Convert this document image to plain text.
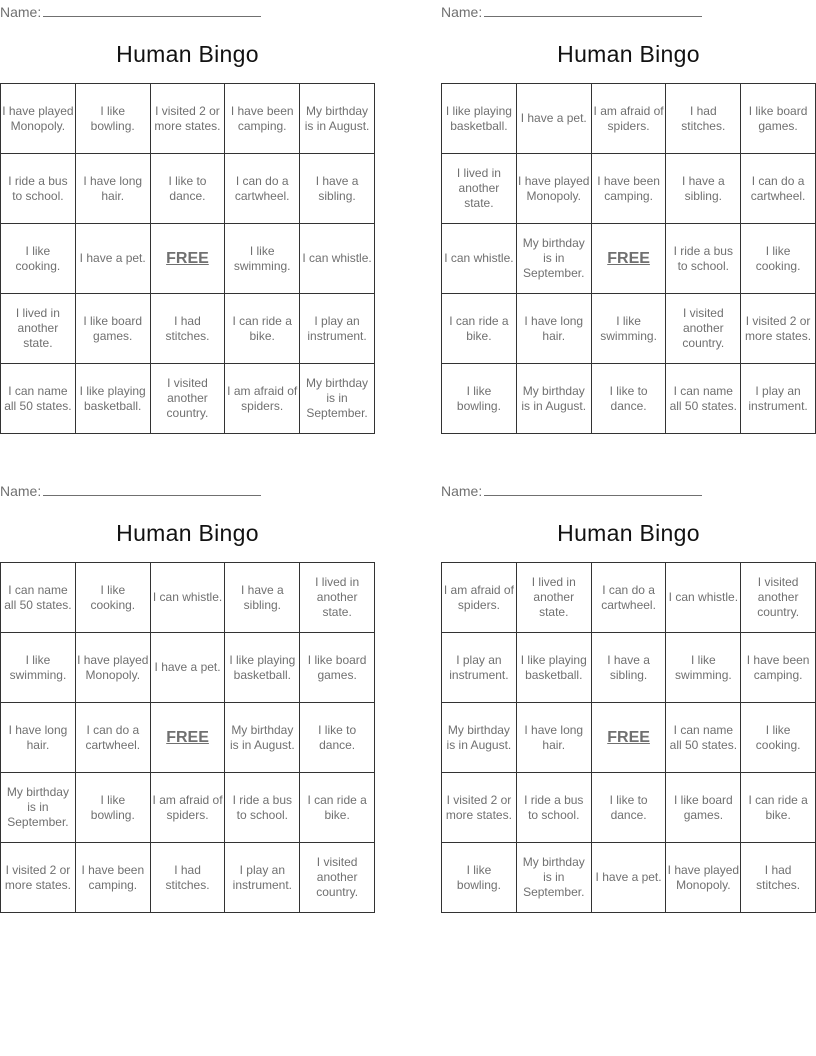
Name:
Human Bingo
I have played Monopoly.	I like bowling.	I visited 2 or more states.	I have been camping.	My birthday is in August.

I ride a bus to school.	I have long hair.	I like to dance.	I can do a cartwheel.	I have a sibling.

I like cooking.	I have a pet.	FREE	I like swimming.	I can whistle.

I lived in another state.	I like board games.	I had stitches.	I can ride a bike.	I play an instrument.

I can name all 50 states.	I like playing basketball.	I visited another country.	I am afraid of spiders.	My birthday is in September.
Name:
Human Bingo
I like playing basketball.	I have a pet.	I am afraid of spiders.	I had stitches.	I like board games.

I lived in another state.	I have played Monopoly.	I have been camping.	I have a sibling.	I can do a cartwheel.

I can whistle.	My birthday is in September.	FREE	I ride a bus to school.	I like cooking.

I can ride a bike.	I have long hair.	I like swimming.	I visited another country.	I visited 2 or more states.

I like bowling.	My birthday is in August.	I like to dance.	I can name all 50 states.	I play an instrument.
Name:
Human Bingo
I can name all 50 states.	I like cooking.	I can whistle.	I have a sibling.	I lived in another state.

I like swimming.	I have played Monopoly.	I have a pet.	I like playing basketball.	I like board games.

I have long hair.	I can do a cartwheel.	FREE	My birthday is in August.	I like to dance.

My birthday is in September.	I like bowling.	I am afraid of spiders.	I ride a bus to school.	I can ride a bike.

I visited 2 or more states.	I have been camping.	I had stitches.	I play an instrument.	I visited another country.
Name:
Human Bingo
I am afraid of spiders.	I lived in another state.	I can do a cartwheel.	I can whistle.	I visited another country.

I play an instrument.	I like playing basketball.	I have a sibling.	I like swimming.	I have been camping.

My birthday is in August.	I have long hair.	FREE	I can name all 50 states.	I like cooking.

I visited 2 or more states.	I ride a bus to school.	I like to dance.	I like board games.	I can ride a bike.

I like bowling.	My birthday is in September.	I have a pet.	I have played Monopoly.	I had stitches.
